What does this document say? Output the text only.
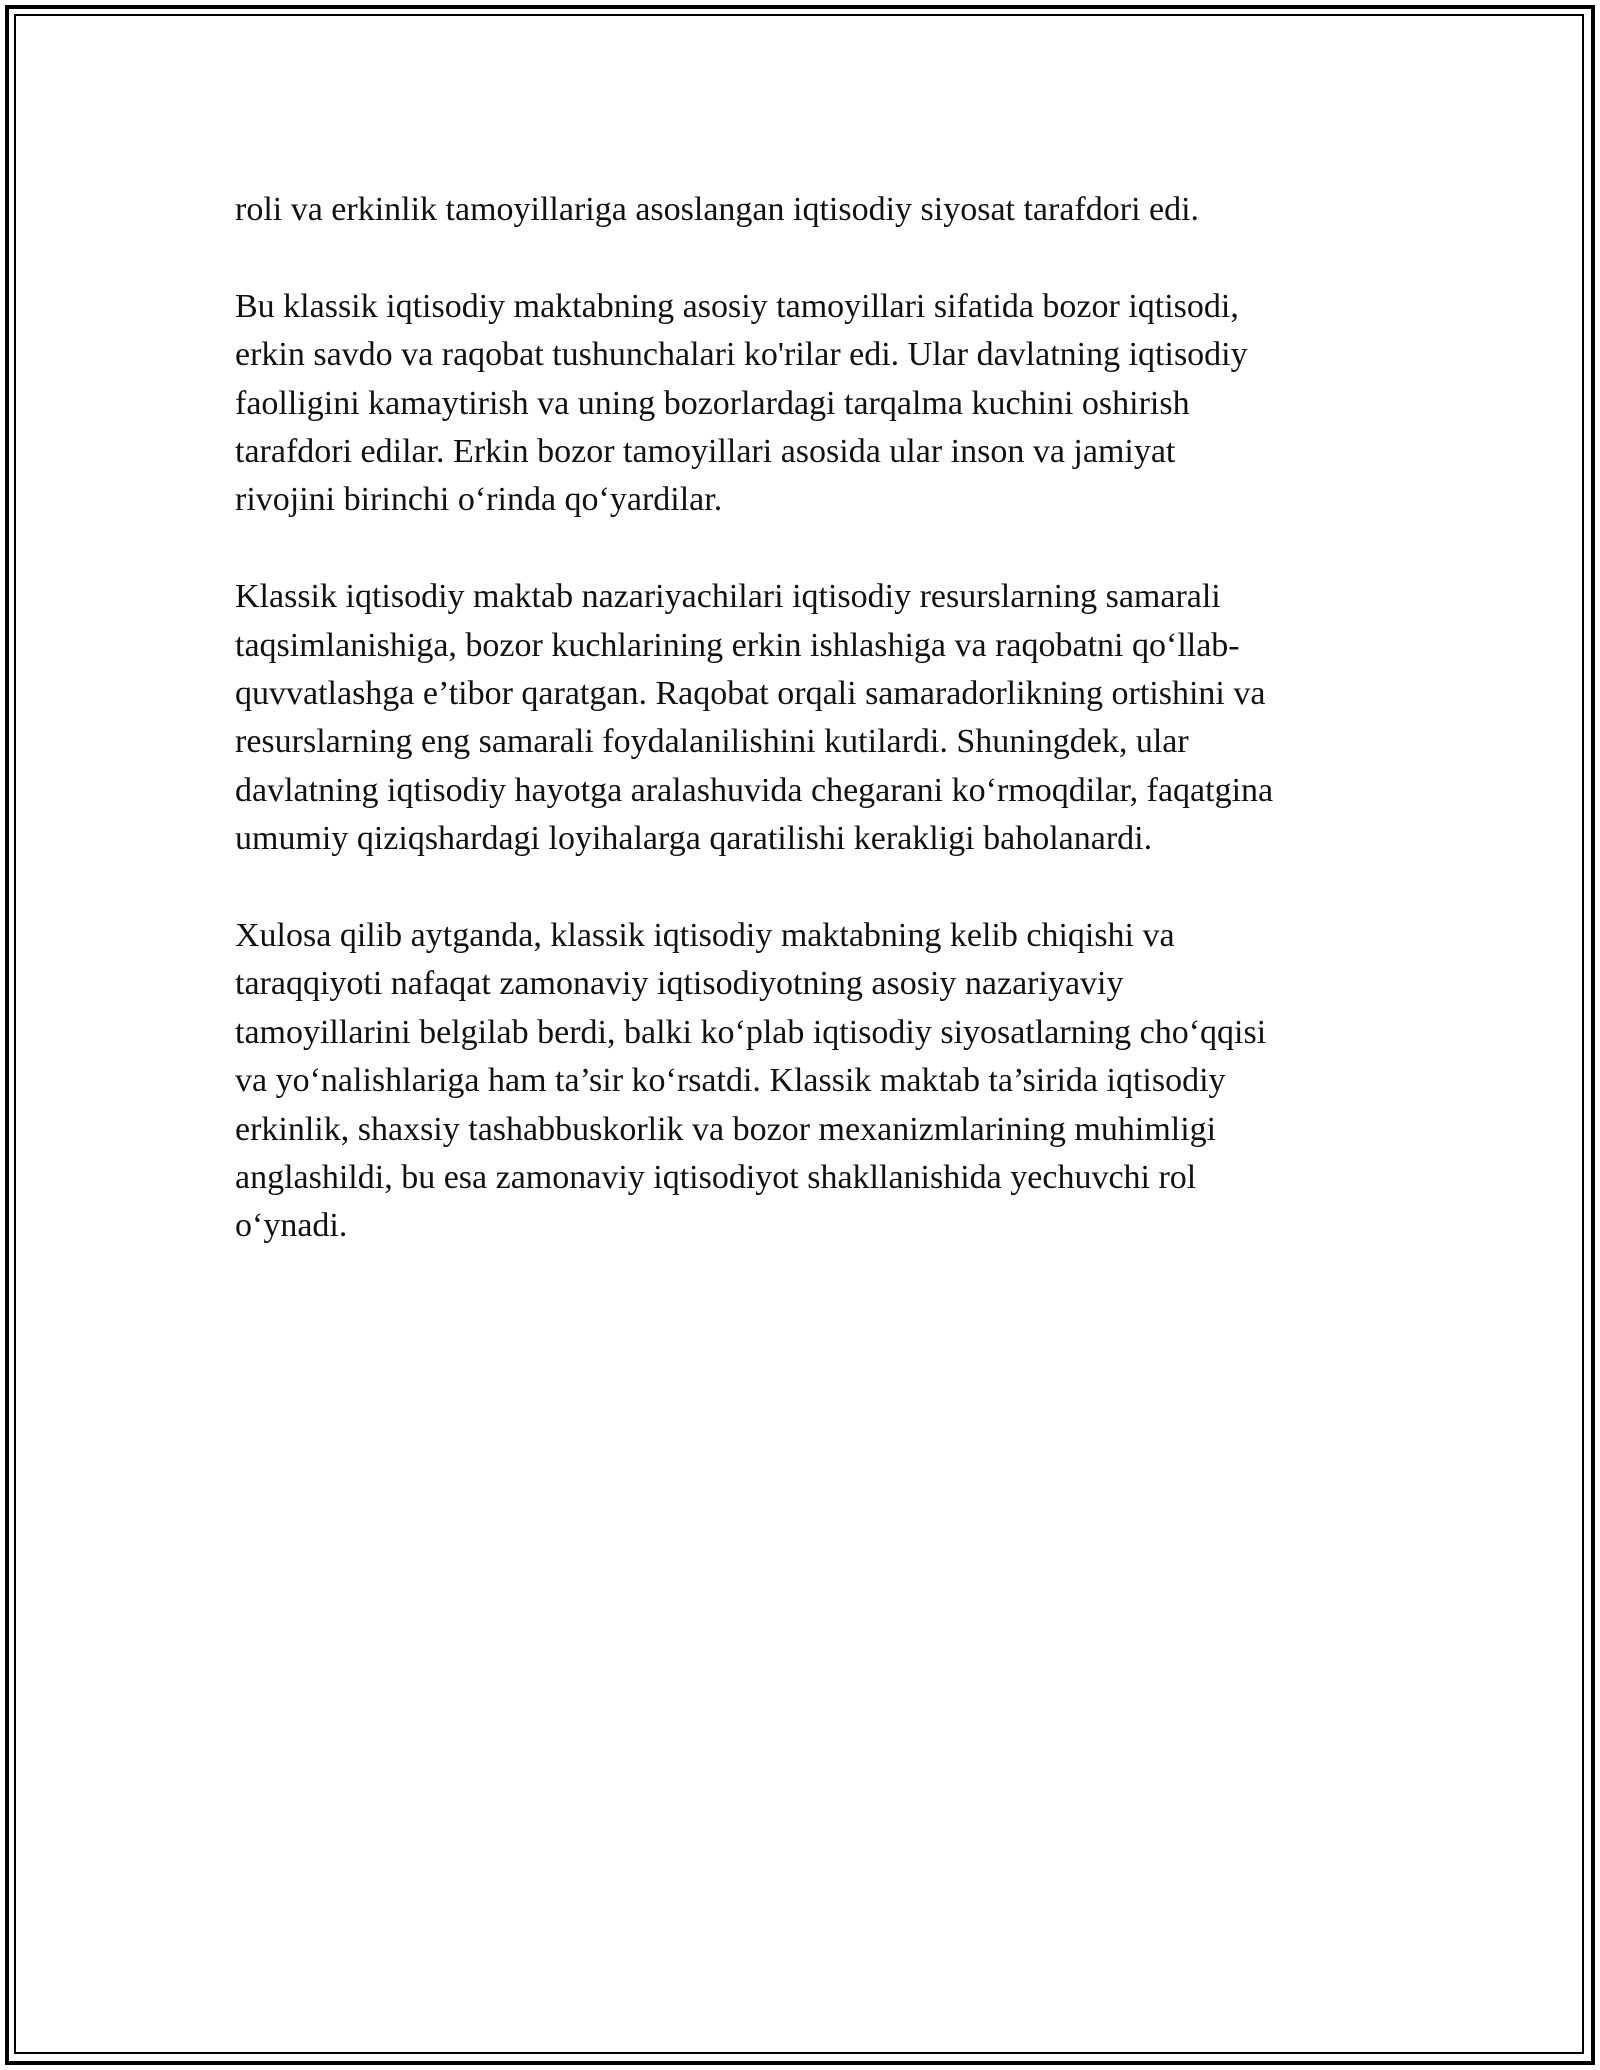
roli va erkinlik tamoyillariga asoslangan iqtisodiy siyosat tarafdori edi.

Bu klassik iqtisodiy maktabning asosiy tamoyillari sifatida bozor iqtisodi,
erkin savdo va raqobat tushunchalari ko'rilar edi. Ular davlatning iqtisodiy
faolligini kamaytirish va uning bozorlardagi tarqalma kuchini oshirish
tarafdori edilar. Erkin bozor tamoyillari asosida ular inson va jamiyat
rivojini birinchi o‘rinda qo‘yardilar.

Klassik iqtisodiy maktab nazariyachilari iqtisodiy resurslarning samarali
taqsimlanishiga, bozor kuchlarining erkin ishlashiga va raqobatni qo‘llab-
quvvatlashga e’tibor qaratgan. Raqobat orqali samaradorlikning ortishini va
resurslarning eng samarali foydalanilishini kutilardi. Shuningdek, ular
davlatning iqtisodiy hayotga aralashuvida chegarani ko‘rmoqdilar, faqatgina
umumiy qiziqshardagi loyihalarga qaratilishi kerakligi baholanardi.

Xulosa qilib aytganda, klassik iqtisodiy maktabning kelib chiqishi va
taraqqiyoti nafaqat zamonaviy iqtisodiyotning asosiy nazariyaviy
tamoyillarini belgilab berdi, balki ko‘plab iqtisodiy siyosatlarning cho‘qqisi
va yo‘nalishlariga ham ta’sir ko‘rsatdi. Klassik maktab ta’sirida iqtisodiy
erkinlik, shaxsiy tashabbuskorlik va bozor mexanizmlarining muhimligi
anglashildi, bu esa zamonaviy iqtisodiyot shakllanishida yechuvchi rol
o‘ynadi.
